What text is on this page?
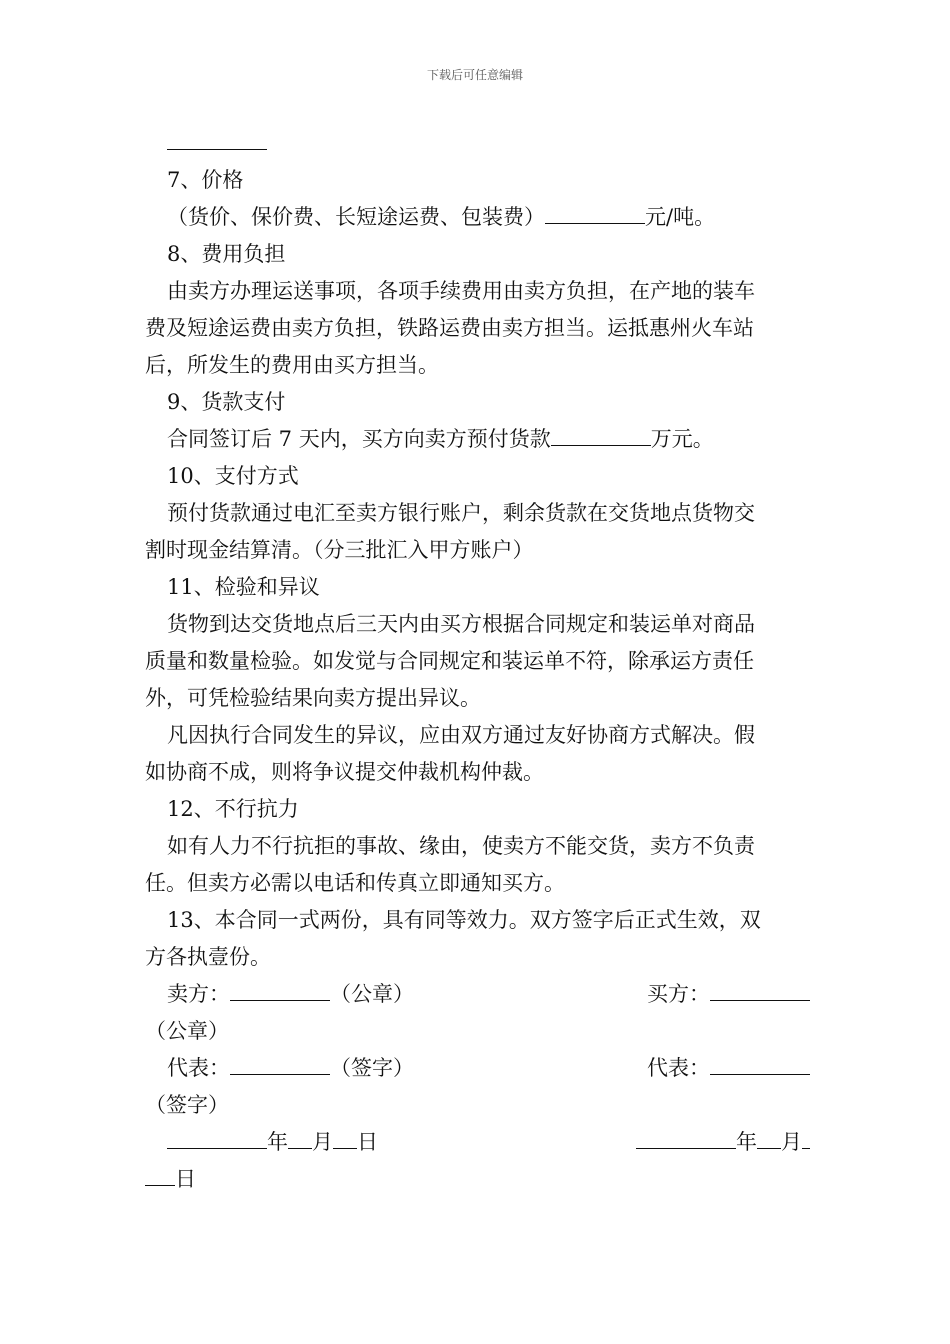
下载后可任意编辑
7、价格
（货价、保价费、长短途运费、包装费）	元/吨。
8、费用负担
由卖方办理运送事项，各项手续费用由卖方负担，在产地的装车
费及短途运费由卖方负担，铁路运费由卖方担当。运抵惠州火车站
后，所发生的费用由买方担当。
9、货款支付
合同签订后 7 天内，买方向卖方预付货款	万元。
10、支付方式
预付货款通过电汇至卖方银行账户，剩余货款在交货地点货物交
割时现金结算清。（分三批汇入甲方账户）
11、检验和异议
货物到达交货地点后三天内由买方根据合同规定和装运单对商品
质量和数量检验。如发觉与合同规定和装运单不符，除承运方责任
外，可凭检验结果向卖方提出异议。
凡因执行合同发生的异议，应由双方通过友好协商方式解决。假
如协商不成，则将争议提交仲裁机构仲裁。
12、不行抗力
如有人力不行抗拒的事故、缘由，使卖方不能交货，卖方不负责
任。但卖方必需以电话和传真立即通知买方。
13、本合同一式两份，具有同等效力。双方签字后正式生效，双
方各执壹份。
卖方：	（公章）	买方：
（公章）
代表：	（签字）	代表：
（签字）
年 月 日	年 月
日
